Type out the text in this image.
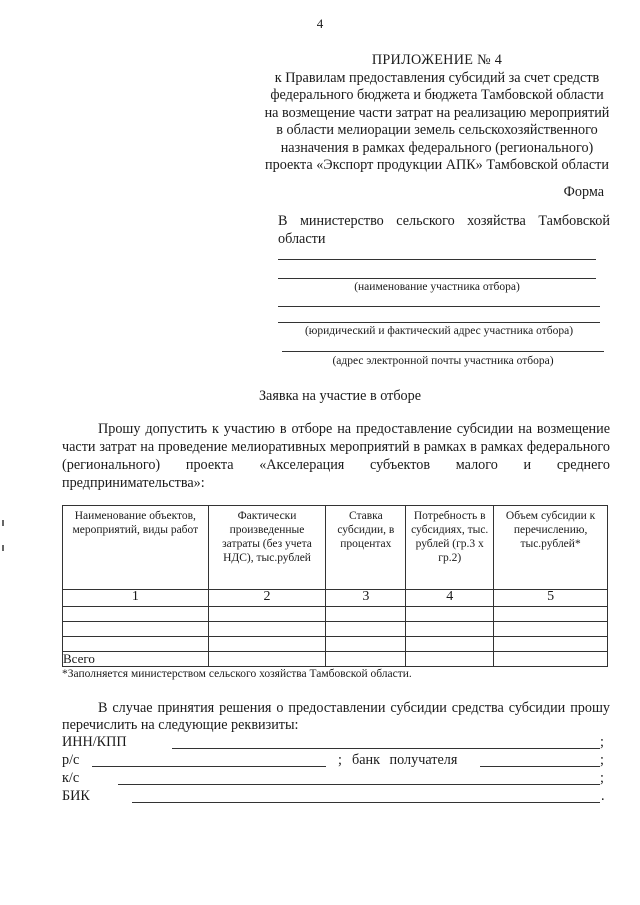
4
ПРИЛОЖЕНИЕ № 4
к Правилам предоставления субсидий за счет средств
федерального бюджета и бюджета Тамбовской области
на возмещение части затрат на реализацию мероприятий
в области мелиорации земель сельскохозяйственного
назначения в рамках федерального (регионального)
проекта «Экспорт продукции АПК» Тамбовской области
Форма
В министерство сельского хозяйства Тамбовской области
(наименование участника отбора)
(юридический и фактический адрес участника отбора)
(адрес электронной почты участника отбора)
Заявка на участие в отборе
Прошу допустить к участию в отборе на предоставление субсидии на возмещение части затрат на проведение мелиоративных мероприятий в рамках в рамках федерального (регионального) проекта «Акселерация субъектов малого и среднего предпринимательства»:
Наименование объектов, мероприятий, виды работ	Фактически произведенные затраты (без учета НДС), тыс.рублей	Ставка субсидии, в процентах	Потребность в субсидиях, тыс. рублей (гр.3 x гр.2)	Объем субсидии к перечислению, тыс.рублей*
1	2	3	4	5

Всего				
*Заполняется министерством сельского хозяйства Тамбовской области.
В случае принятия решения о предоставлении субсидии средства субсидии прошу перечислить на следующие реквизиты:
ИНН/КПП	;
р/с	; банк получателя	;
к/с	;
БИК	.
